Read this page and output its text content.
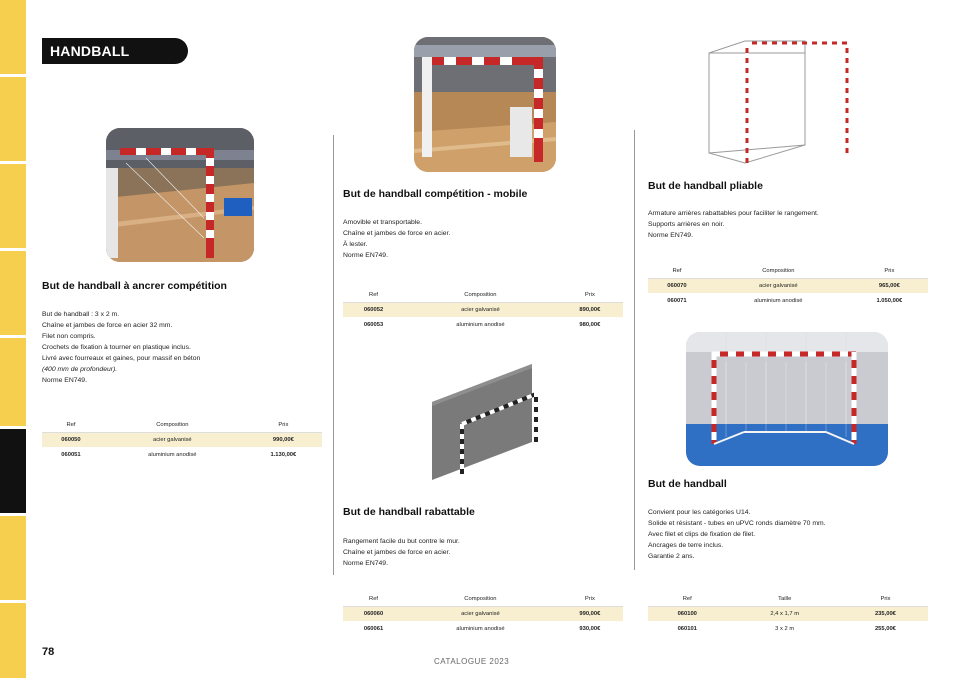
HANDBALL
But de handball à ancrer compétition
But de handball : 3 x 2 m.
Chaîne et jambes de force en acier 32 mm.
Filet non compris.
Crochets de fixation à tourner en plastique inclus.
Livré avec fourreaux et gaines, pour massif en béton
(400 mm de profondeur).
Norme EN749.
Ref	Composition	Prix
060050	acier galvanisé	990,00€
060051	aluminium anodisé	1.130,00€
But de handball compétition - mobile
Amovible et transportable.
Chaîne et jambes de force en acier.
À lester.
Norme EN749.
Ref	Composition	Prix
060052	acier galvanisé	890,00€
060053	aluminium anodisé	980,00€
But de handball rabattable
Rangement facile du but contre le mur.
Chaîne et jambes de force en acier.
Norme EN749.
Ref	Composition	Prix
060060	acier galvanisé	990,00€
060061	aluminium anodisé	930,00€
But de handball pliable
Armature arrières rabattables pour faciliter le rangement.
Supports arrières en noir.
Norme EN749.
Ref	Composition	Prix
060070	acier galvanisé	965,00€
060071	aluminium anodisé	1.050,00€
But de handball
Convient pour les catégories U14.
Solide et résistant - tubes en uPVC ronds diamètre 70 mm.
Avec filet et clips de fixation de filet.
Ancrages de terre inclus.
Garantie 2 ans.
Ref	Taille	Prix
060100	2,4 x 1,7 m	235,00€
060101	3 x 2 m	255,00€
78
CATALOGUE 2023
